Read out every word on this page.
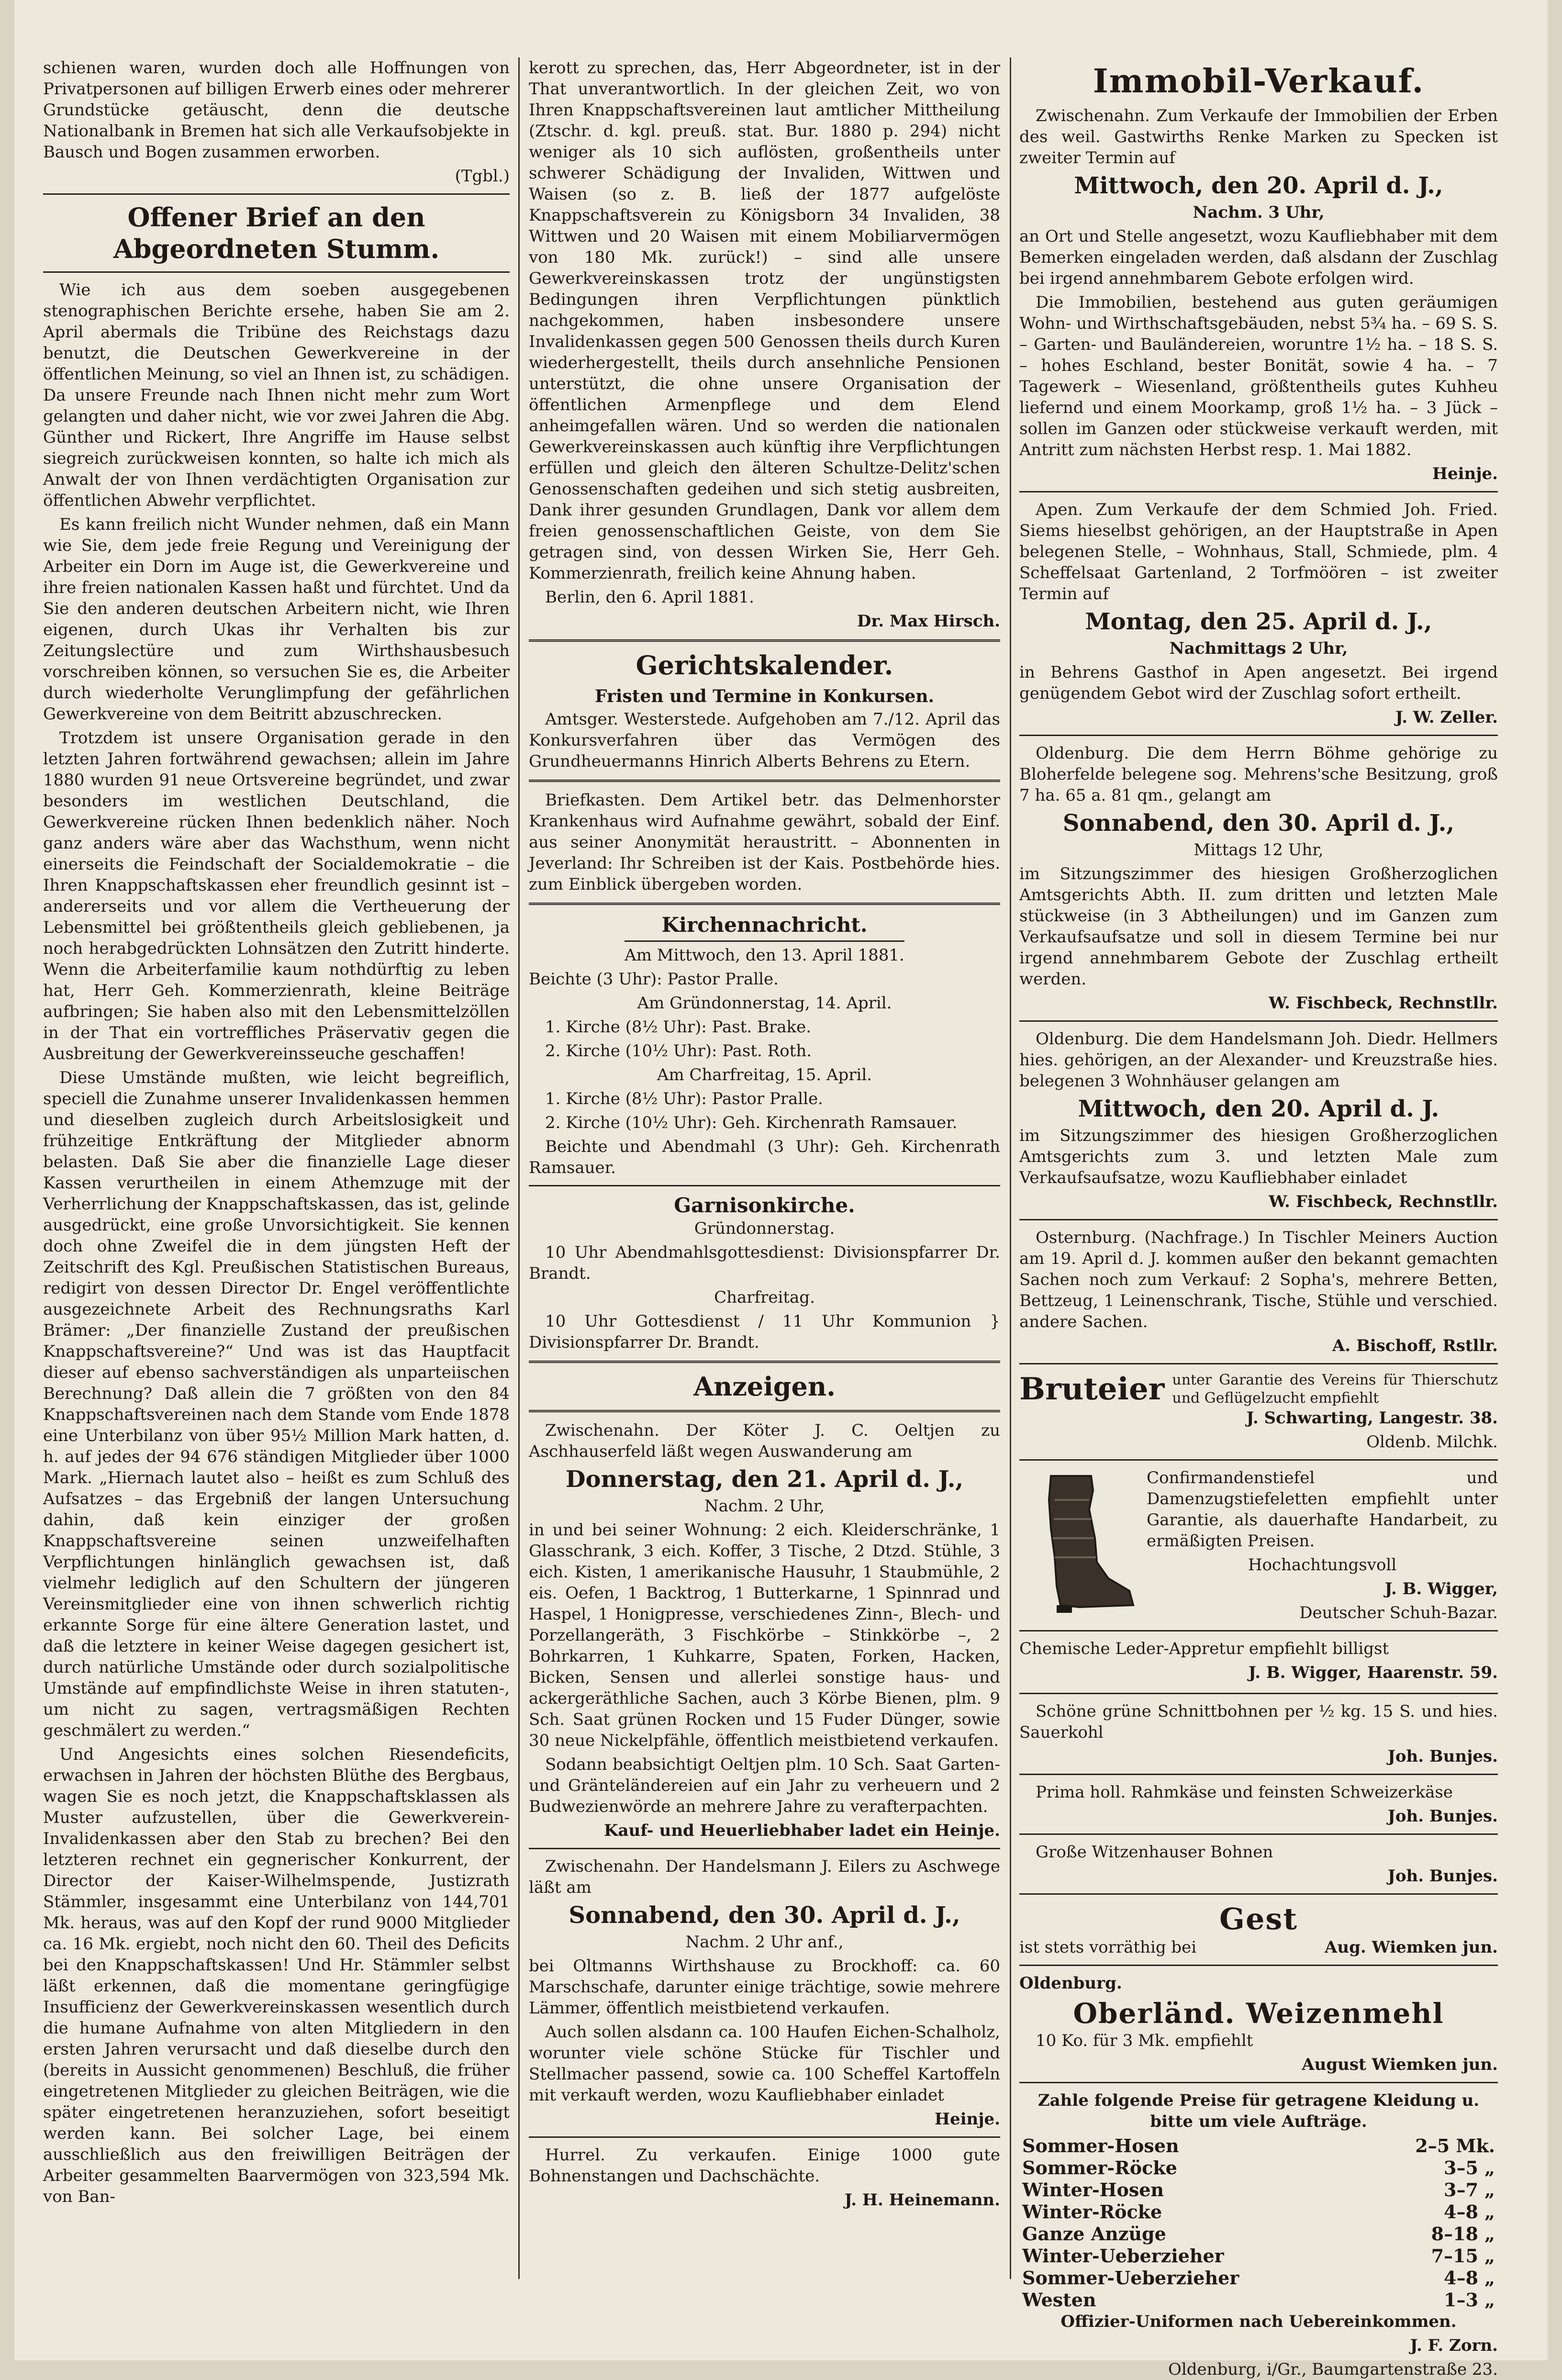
schienen waren, wurden doch alle Hoffnungen von Privatpersonen auf billigen Erwerb eines oder mehrerer Grundstücke getäuscht, denn die deutsche Nationalbank in Bremen hat sich alle Verkaufsobjekte in Bausch und Bogen zusammen erworben.

(Tgbl.)

Offener Brief an den Abgeordneten Stumm.

Wie ich aus dem soeben ausgegebenen stenographischen Berichte ersehe, haben Sie am 2. April abermals die Tribüne des Reichstags dazu benutzt, die Deutschen Gewerkvereine in der öffentlichen Meinung, so viel an Ihnen ist, zu schädigen. Da unsere Freunde nach Ihnen nicht mehr zum Wort gelangten und daher nicht, wie vor zwei Jahren die Abg. Günther und Rickert, Ihre Angriffe im Hause selbst siegreich zurückweisen konnten, so halte ich mich als Anwalt der von Ihnen verdächtigten Organisation zur öffentlichen Abwehr verpflichtet.

Es kann freilich nicht Wunder nehmen, daß ein Mann wie Sie, dem jede freie Regung und Vereinigung der Arbeiter ein Dorn im Auge ist, die Gewerkvereine und ihre freien nationalen Kassen haßt und fürchtet. Und da Sie den anderen deutschen Arbeitern nicht, wie Ihren eigenen, durch Ukas ihr Verhalten bis zur Zeitungslectüre und zum Wirthshausbesuch vorschreiben können, so versuchen Sie es, die Arbeiter durch wiederholte Verunglimpfung der gefährlichen Gewerkvereine von dem Beitritt abzuschrecken.

Trotzdem ist unsere Organisation gerade in den letzten Jahren fortwährend gewachsen; allein im Jahre 1880 wurden 91 neue Ortsvereine begründet, und zwar besonders im westlichen Deutschland, die Gewerkvereine rücken Ihnen bedenklich näher. Noch ganz anders wäre aber das Wachsthum, wenn nicht einerseits die Feindschaft der Socialdemokratie – die Ihren Knappschaftskassen eher freundlich gesinnt ist – andererseits und vor allem die Vertheuerung der Lebensmittel bei größtentheils gleich gebliebenen, ja noch herabgedrückten Lohnsätzen den Zutritt hinderte. Wenn die Arbeiterfamilie kaum nothdürftig zu leben hat, Herr Geh. Kommerzienrath, kleine Beiträge aufbringen; Sie haben also mit den Lebensmittelzöllen in der That ein vortreffliches Präservativ gegen die Ausbreitung der Gewerkvereinsseuche geschaffen!

Diese Umstände mußten, wie leicht begreiflich, speciell die Zunahme unserer Invalidenkassen hemmen und dieselben zugleich durch Arbeitslosigkeit und frühzeitige Entkräftung der Mitglieder abnorm belasten. Daß Sie aber die finanzielle Lage dieser Kassen verurtheilen in einem Athemzuge mit der Verherrlichung der Knappschaftskassen, das ist, gelinde ausgedrückt, eine große Unvorsichtigkeit. Sie kennen doch ohne Zweifel die in dem jüngsten Heft der Zeitschrift des Kgl. Preußischen Statistischen Bureaus, redigirt von dessen Director Dr. Engel veröffentlichte ausgezeichnete Arbeit des Rechnungsraths Karl Brämer: „Der finanzielle Zustand der preußischen Knappschaftsvereine?“ Und was ist das Hauptfacit dieser auf ebenso sachverständigen als unparteiischen Berechnung? Daß allein die 7 größten von den 84 Knappschaftsvereinen nach dem Stande vom Ende 1878 eine Unterbilanz von über 95½ Million Mark hatten, d. h. auf jedes der 94 676 ständigen Mitglieder über 1000 Mark. „Hiernach lautet also – heißt es zum Schluß des Aufsatzes – das Ergebniß der langen Untersuchung dahin, daß kein einziger der großen Knappschaftsvereine seinen unzweifelhaften Verpflichtungen hinlänglich gewachsen ist, daß vielmehr lediglich auf den Schultern der jüngeren Vereinsmitglieder eine von ihnen schwerlich richtig erkannte Sorge für eine ältere Generation lastet, und daß die letztere in keiner Weise dagegen gesichert ist, durch natürliche Umstände oder durch sozialpolitische Umstände auf empfindlichste Weise in ihren statuten-, um nicht zu sagen, vertragsmäßigen Rechten geschmälert zu werden.“

Und Angesichts eines solchen Riesendeficits, erwachsen in Jahren der höchsten Blüthe des Bergbaus, wagen Sie es noch jetzt, die Knappschaftsklassen als Muster aufzustellen, über die Gewerkverein-Invalidenkassen aber den Stab zu brechen? Bei den letzteren rechnet ein gegnerischer Konkurrent, der Director der Kaiser-Wilhelmspende, Justizrath Stämmler, insgesammt eine Unterbilanz von 144,701 Mk. heraus, was auf den Kopf der rund 9000 Mitglieder ca. 16 Mk. ergiebt, noch nicht den 60. Theil des Deficits bei den Knappschaftskassen! Und Hr. Stämmler selbst läßt erkennen, daß die momentane geringfügige Insufficienz der Gewerkvereinskassen wesentlich durch die humane Aufnahme von alten Mitgliedern in den ersten Jahren verursacht und daß dieselbe durch den (bereits in Aussicht genommenen) Beschluß, die früher eingetretenen Mitglieder zu gleichen Beiträgen, wie die später eingetretenen heranzuziehen, sofort beseitigt werden kann. Bei solcher Lage, bei einem ausschließlich aus den freiwilligen Beiträgen der Arbeiter gesammelten Baarvermögen von 323,594 Mk. von Ban-

kerott zu sprechen, das, Herr Abgeordneter, ist in der That unverantwortlich. In der gleichen Zeit, wo von Ihren Knappschaftsvereinen laut amtlicher Mittheilung (Ztschr. d. kgl. preuß. stat. Bur. 1880 p. 294) nicht weniger als 10 sich auflösten, großentheils unter schwerer Schädigung der Invaliden, Wittwen und Waisen (so z. B. ließ der 1877 aufgelöste Knappschaftsverein zu Königsborn 34 Invaliden, 38 Wittwen und 20 Waisen mit einem Mobiliarvermögen von 180 Mk. zurück!) – sind alle unsere Gewerkvereinskassen trotz der ungünstigsten Bedingungen ihren Verpflichtungen pünktlich nachgekommen, haben insbesondere unsere Invalidenkassen gegen 500 Genossen theils durch Kuren wiederhergestellt, theils durch ansehnliche Pensionen unterstützt, die ohne unsere Organisation der öffentlichen Armenpflege und dem Elend anheimgefallen wären. Und so werden die nationalen Gewerkvereinskassen auch künftig ihre Verpflichtungen erfüllen und gleich den älteren Schultze-Delitz'schen Genossenschaften gedeihen und sich stetig ausbreiten, Dank ihrer gesunden Grundlagen, Dank vor allem dem freien genossenschaftlichen Geiste, von dem Sie getragen sind, von dessen Wirken Sie, Herr Geh. Kommerzienrath, freilich keine Ahnung haben.

Berlin, den 6. April 1881.

Dr. Max Hirsch.

Gerichtskalender.
Fristen und Termine in Konkursen.

Amtsger. Westerstede. Aufgehoben am 7./12. April das Konkursverfahren über das Vermögen des Grundheuermanns Hinrich Alberts Behrens zu Etern.

Briefkasten. Dem Artikel betr. das Delmenhorster Krankenhaus wird Aufnahme gewährt, sobald der Einf. aus seiner Anonymität heraustritt. – Abonnenten in Jeverland: Ihr Schreiben ist der Kais. Postbehörde hies. zum Einblick übergeben worden.

Kirchennachricht.

Am Mittwoch, den 13. April 1881.

Beichte (3 Uhr): Pastor Pralle.

Am Gründonnerstag, 14. April.

1. Kirche (8½ Uhr): Past. Brake.

2. Kirche (10½ Uhr): Past. Roth.

Am Charfreitag, 15. April.

1. Kirche (8½ Uhr): Pastor Pralle.

2. Kirche (10½ Uhr): Geh. Kirchenrath Ramsauer.

Beichte und Abendmahl (3 Uhr): Geh. Kirchenrath Ramsauer.

Garnisonkirche.

Gründonnerstag.

10 Uhr Abendmahlsgottesdienst: Divisionspfarrer Dr. Brandt.

Charfreitag.

10 Uhr Gottesdienst / 11 Uhr Kommunion } Divisionspfarrer Dr. Brandt.

Anzeigen.

Zwischenahn. Der Köter J. C. Oeltjen zu Aschhauserfeld läßt wegen Auswanderung am

Donnerstag, den 21. April d. J.,

Nachm. 2 Uhr,

in und bei seiner Wohnung: 2 eich. Kleiderschränke, 1 Glasschrank, 3 eich. Koffer, 3 Tische, 2 Dtzd. Stühle, 3 eich. Kisten, 1 amerikanische Hausuhr, 1 Staubmühle, 2 eis. Oefen, 1 Backtrog, 1 Butterkarne, 1 Spinnrad und Haspel, 1 Honigpresse, verschiedenes Zinn-, Blech- und Porzellangeräth, 3 Fischkörbe – Stinkkörbe –, 2 Bohrkarren, 1 Kuhkarre, Spaten, Forken, Hacken, Bicken, Sensen und allerlei sonstige haus- und ackergeräthliche Sachen, auch 3 Körbe Bienen, plm. 9 Sch. Saat grünen Rocken und 15 Fuder Dünger, sowie 30 neue Nickelpfähle, öffentlich meistbietend verkaufen.

Sodann beabsichtigt Oeltjen plm. 10 Sch. Saat Garten- und Gränteländereien auf ein Jahr zu verheuern und 2 Budwezienwörde an mehrere Jahre zu verafterpachten.

Kauf- und Heuerliebhaber ladet ein Heinje.

Zwischenahn. Der Handelsmann J. Eilers zu Aschwege läßt am

Sonnabend, den 30. April d. J.,

Nachm. 2 Uhr anf.,

bei Oltmanns Wirthshause zu Brockhoff: ca. 60 Marschschafe, darunter einige trächtige, sowie mehrere Lämmer, öffentlich meistbietend verkaufen.

Auch sollen alsdann ca. 100 Haufen Eichen-Schalholz, worunter viele schöne Stücke für Tischler und Stellmacher passend, sowie ca. 100 Scheffel Kartoffeln mit verkauft werden, wozu Kaufliebhaber einladet

Heinje.

Hurrel. Zu verkaufen. Einige 1000 gute Bohnenstangen und Dachschächte.

J. H. Heinemann.

Immobil-Verkauf.

Zwischenahn. Zum Verkaufe der Immobilien der Erben des weil. Gastwirths Renke Marken zu Specken ist zweiter Termin auf

Mittwoch, den 20. April d. J.,

Nachm. 3 Uhr,

an Ort und Stelle angesetzt, wozu Kaufliebhaber mit dem Bemerken eingeladen werden, daß alsdann der Zuschlag bei irgend annehmbarem Gebote erfolgen wird.

Die Immobilien, bestehend aus guten geräumigen Wohn- und Wirthschaftsgebäuden, nebst 5¾ ha. – 69 S. S. – Garten- und Bauländereien, woruntre 1½ ha. – 18 S. S. – hohes Eschland, bester Bonität, sowie 4 ha. – 7 Tagewerk – Wiesenland, größtentheils gutes Kuhheu liefernd und einem Moorkamp, groß 1½ ha. – 3 Jück – sollen im Ganzen oder stückweise verkauft werden, mit Antritt zum nächsten Herbst resp. 1. Mai 1882.

Heinje.

Apen. Zum Verkaufe der dem Schmied Joh. Fried. Siems hieselbst gehörigen, an der Hauptstraße in Apen belegenen Stelle, – Wohnhaus, Stall, Schmiede, plm. 4 Scheffelsaat Gartenland, 2 Torfmöören – ist zweiter Termin auf

Montag, den 25. April d. J.,

Nachmittags 2 Uhr,

in Behrens Gasthof in Apen angesetzt. Bei irgend genügendem Gebot wird der Zuschlag sofort ertheilt.

J. W. Zeller.

Oldenburg. Die dem Herrn Böhme gehörige zu Bloherfelde belegene sog. Mehrens'sche Besitzung, groß 7 ha. 65 a. 81 qm., gelangt am

Sonnabend, den 30. April d. J.,

Mittags 12 Uhr,

im Sitzungszimmer des hiesigen Großherzoglichen Amtsgerichts Abth. II. zum dritten und letzten Male stückweise (in 3 Abtheilungen) und im Ganzen zum Verkaufsaufsatze und soll in diesem Termine bei nur irgend annehmbarem Gebote der Zuschlag ertheilt werden.

W. Fischbeck, Rechnstllr.

Oldenburg. Die dem Handelsmann Joh. Diedr. Hellmers hies. gehörigen, an der Alexander- und Kreuzstraße hies. belegenen 3 Wohnhäuser gelangen am

Mittwoch, den 20. April d. J.

im Sitzungszimmer des hiesigen Großherzoglichen Amtsgerichts zum 3. und letzten Male zum Verkaufsaufsatze, wozu Kaufliebhaber einladet

W. Fischbeck, Rechnstllr.

Osternburg. (Nachfrage.) In Tischler Meiners Auction am 19. April d. J. kommen außer den bekannt gemachten Sachen noch zum Verkauf: 2 Sopha's, mehrere Betten, Bettzeug, 1 Leinenschrank, Tische, Stühle und verschied. andere Sachen.

A. Bischoff, Rstllr.

Bruteier unter Garantie des Vereins für Thierschutz und Geflügelzucht empfiehlt

J. Schwarting, Langestr. 38.

Oldenb. Milchk.

Confirmandenstiefel und Damenzugstiefeletten empfiehlt unter Garantie, als dauerhafte Handarbeit, zu ermäßigten Preisen.

Hochachtungsvoll

J. B. Wigger,

Deutscher Schuh-Bazar.

Chemische Leder-Appretur empfiehlt billigst

J. B. Wigger, Haarenstr. 59.

Schöne grüne Schnittbohnen per ½ kg. 15 S. und hies. Sauerkohl

Joh. Bunjes.

Prima holl. Rahmkäse und feinsten Schweizerkäse

Joh. Bunjes.

Große Witzenhauser Bohnen

Joh. Bunjes.

Gest
ist stets vorräthig bei	Aug. Wiemken jun.

Oldenburg.

Oberländ. Weizenmehl

10 Ko. für 3 Mk. empfiehlt

August Wiemken jun.

Zahle folgende Preise für getragene Kleidung u. bitte um viele Aufträge.

Sommer-Hosen	2–5 Mk.
Sommer-Röcke	3–5 „
Winter-Hosen	3–7 „
Winter-Röcke	4–8 „
Ganze Anzüge	8–18 „
Winter-Ueberzieher	7–15 „
Sommer-Ueberzieher	4–8 „
Westen	1–3 „

Offizier-Uniformen nach Uebereinkommen.

J. F. Zorn.

Oldenburg, i/Gr., Baumgartenstraße 23.
